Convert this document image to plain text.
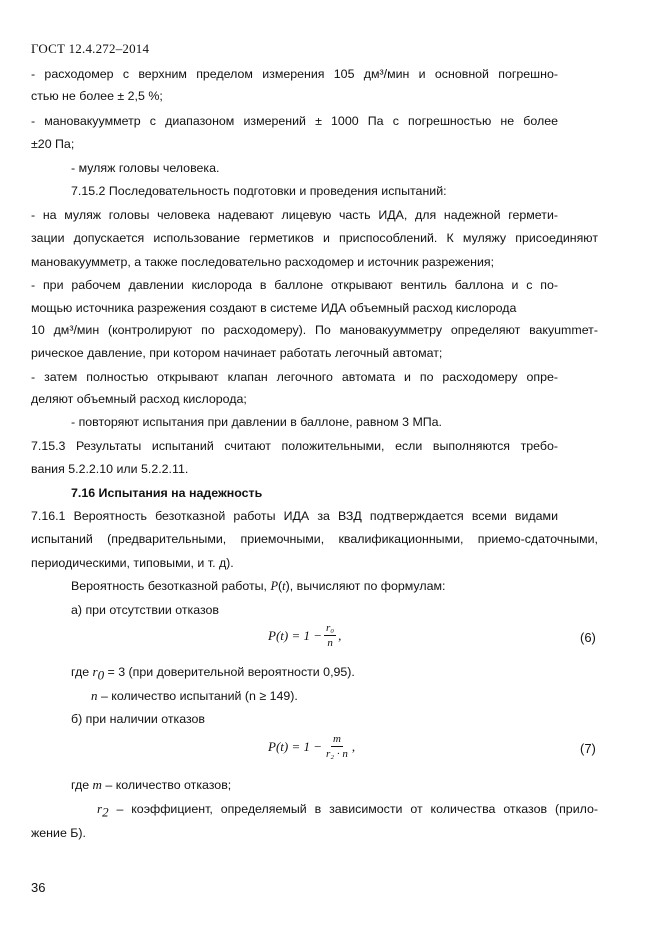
ГОСТ 12.4.272–2014
- расходомер с верхним пределом измерения 105 дм³/мин и основной погрешно-
стью не более ± 2,5 %;
- мановакуумметр с диапазоном измерений ± 1000 Па с погрешностью не более
±20 Па;
- муляж головы человека.
7.15.2 Последовательность подготовки и проведения испытаний:
- на муляж головы человека надевают лицевую часть ИДА, для надежной гермети-
зации допускается использование герметиков и приспособлений. К муляжу присоединяют
мановакуумметр, а также последовательно расходомер и источник разрежения;
- при рабочем давлении кислорода в баллоне открывают вентиль баллона и с по-
мощью источника разрежения создают в системе ИДА объемный расход кислорода
10 дм³/мин (контролируют по расходомеру). По мановакуумметру определяют вакуummет-
рическое давление, при котором начинает работать легочный автомат;
- затем полностью открывают клапан легочного автомата и по расходомеру опре-
деляют объемный расход кислорода;
- повторяют испытания при давлении в баллоне, равном 3 МПа.
7.15.3 Результаты испытаний считают положительными, если выполняются требо-
вания 5.2.2.10 или 5.2.2.11.
7.16 Испытания на надежность
7.16.1 Вероятность безотказной работы ИДА за ВЗД подтверждается всеми видами
испытаний (предварительными, приемочными, квалификационными, приемо-сдаточными,
периодическими, типовыми, и т. д).
Вероятность безотказной работы, P(t), вычисляют по формулам:
а) при отсутствии отказов
$P(t) = 1 - \frac{\text{r₀}}{n}$ ,	(6)
где $r_0 = 3$ (при доверительной вероятности 0,95).
n – количество испытаний (n ≥ 149).
б) при наличии отказов
$P(t) = 1 - \frac{m}{\text{r₂ · n}}$ ,	(7)
где m – количество отказов;
$r_2$ – коэффициент, определяемый в зависимости от количества отказов (прило-
жение Б).
36
